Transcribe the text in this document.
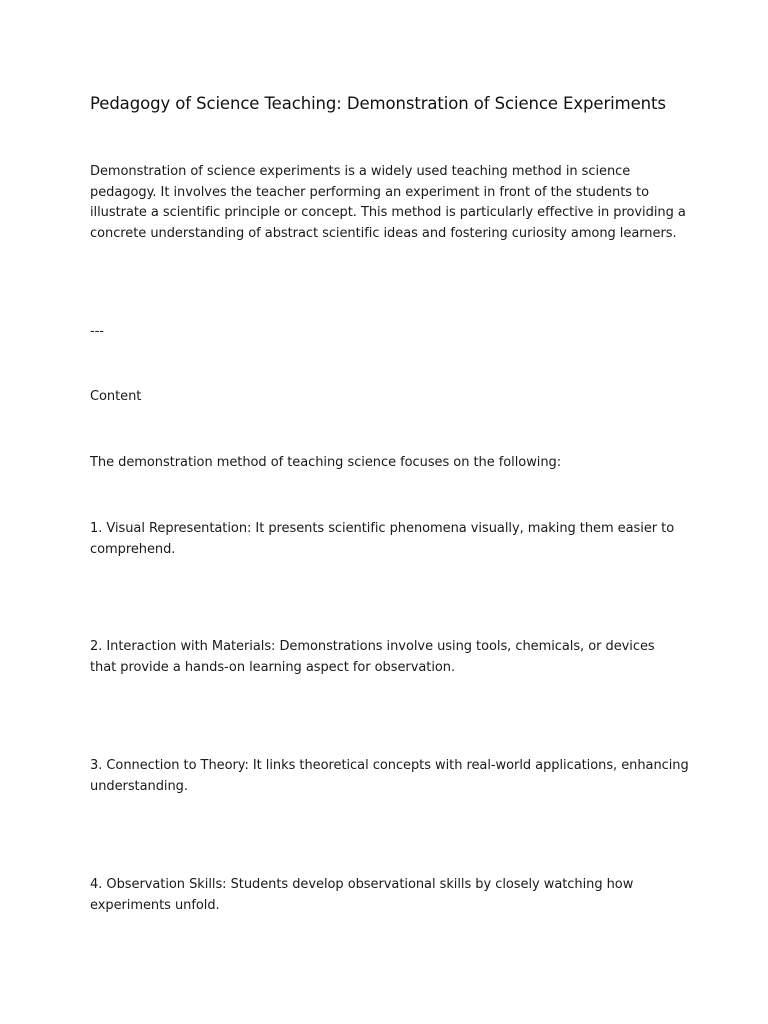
Pedagogy of Science Teaching: Demonstration of Science Experiments

Demonstration of science experiments is a widely used teaching method in science pedagogy. It involves the teacher performing an experiment in front of the students to illustrate a scientific principle or concept. This method is particularly effective in providing a concrete understanding of abstract scientific ideas and fostering curiosity among learners.

---

Content

The demonstration method of teaching science focuses on the following:

1. Visual Representation: It presents scientific phenomena visually, making them easier to comprehend.

2. Interaction with Materials: Demonstrations involve using tools, chemicals, or devices that provide a hands-on learning aspect for observation.

3. Connection to Theory: It links theoretical concepts with real-world applications, enhancing understanding.

4. Observation Skills: Students develop observational skills by closely watching how experiments unfold.
